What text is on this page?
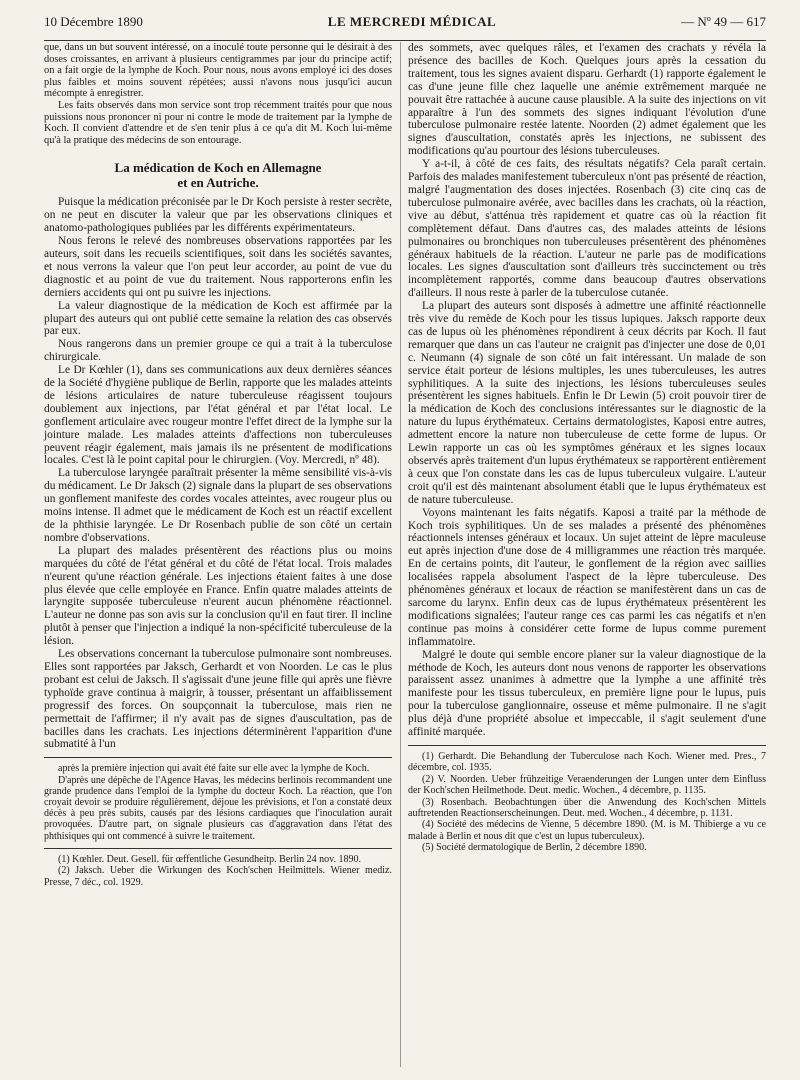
10 Décembre 1890	LE MERCREDI MÉDICAL	— Nº 49 — 617

que, dans un but souvent intéressé, on a inoculé toute personne qui le désirait à des doses croissantes, en arrivant à plusieurs centigrammes par jour du principe actif; on a fait orgie de la lymphe de Koch. Pour nous, nous avons employé ici des doses plus faibles et moins souvent répétées; aussi n'avons nous jusqu'ici aucun mécompte à enregistrer.

Les faits observés dans mon service sont trop récemment traités pour que nous puissions nous prononcer ni pour ni contre le mode de traitement par la lymphe de Koch. Il convient d'attendre et de s'en tenir plus à ce qu'a dit M. Koch lui-même qu'à la pratique des médecins de son entourage.

La médication de Koch en Allemagne
et en Autriche.

Puisque la médication préconisée par le Dr Koch persiste à rester secrète, on ne peut en discuter la valeur que par les observations cliniques et anatomo-pathologiques publiées par les différents expérimentateurs.

Nous ferons le relevé des nombreuses observations rapportées par les auteurs, soit dans les recueils scientifiques, soit dans les sociétés savantes, et nous verrons la valeur que l'on peut leur accorder, au point de vue du diagnostic et au point de vue du traitement. Nous rapporterons enfin les derniers accidents qui ont pu suivre les injections.

La valeur diagnostique de la médication de Koch est affirmée par la plupart des auteurs qui ont publié cette semaine la relation des cas observés par eux.

Nous rangerons dans un premier groupe ce qui a trait à la tuberculose chirurgicale.

Le Dr Kœhler (1), dans ses communications aux deux dernières séances de la Société d'hygiène publique de Berlin, rapporte que les malades atteints de lésions articulaires de nature tuberculeuse réagissent toujours doublement aux injections, par l'état général et par l'état local. Le gonflement articulaire avec rougeur montre l'effet direct de la lymphe sur la jointure malade. Les malades atteints d'affections non tuberculeuses peuvent réagir également, mais jamais ils ne présentent de modifications locales. C'est là le point capital pour le chirurgien. (Voy. Mercredi, nº 48).

La tuberculose laryngée paraîtrait présenter la même sensibilité vis-à-vis du médicament. Le Dr Jaksch (2) signale dans la plupart de ses observations un gonflement manifeste des cordes vocales atteintes, avec rougeur plus ou moins intense. Il admet que le médicament de Koch est un réactif excellent de la phthisie laryngée. Le Dr Rosenbach publie de son côté un certain nombre d'observations.

La plupart des malades présentèrent des réactions plus ou moins marquées du côté de l'état général et du côté de l'état local. Trois malades n'eurent qu'une réaction générale. Les injections étaient faites à une dose plus élevée que celle employée en France. Enfin quatre malades atteints de laryngite supposée tuberculeuse n'eurent aucun phénomène réactionnel. L'auteur ne donne pas son avis sur la conclusion qu'il en faut tirer. Il incline plutôt à penser que l'injection a indiqué la non-spécificité tuberculeuse de la lésion.

Les observations concernant la tuberculose pulmonaire sont nombreuses. Elles sont rapportées par Jaksch, Gerhardt et von Noorden. Le cas le plus probant est celui de Jaksch. Il s'agissait d'une jeune fille qui après une fièvre typhoïde grave continua à maigrir, à tousser, présentant un affaiblissement progressif des forces. On soupçonnait la tuberculose, mais rien ne permettait de l'affirmer; il n'y avait pas de signes d'auscultation, pas de bacilles dans les crachats. Les injections déterminèrent l'apparition d'une submatité à l'un

après la première injection qui avait été faite sur elle avec la lymphe de Koch.

D'après une dépêche de l'Agence Havas, les médecins berlinois recommandent une grande prudence dans l'emploi de la lymphe du docteur Koch. La réaction, que l'on croyait devoir se produire régulièrement, déjoue les prévisions, et l'on a constaté deux décès à peu près subits, causés par des lésions cardiaques que l'inoculation aurait provoquées. D'autre part, on signale plusieurs cas d'aggravation dans l'état des phthisiques qui ont commencé à suivre le traitement.

(1) Kœhler. Deut. Gesell. für œffentliche Gesundheitp. Berlin 24 nov. 1890.

(2) Jaksch. Ueber die Wirkungen des Koch'schen Heilmittels. Wiener mediz. Presse, 7 déc., col. 1929.

des sommets, avec quelques râles, et l'examen des crachats y révéla la présence des bacilles de Koch. Quelques jours après la cessation du traitement, tous les signes avaient disparu. Gerhardt (1) rapporte également le cas d'une jeune fille chez laquelle une anémie extrêmement marquée ne pouvait être rattachée à aucune cause plausible. A la suite des injections on vit apparaître à l'un des sommets des signes indiquant l'évolution d'une tuberculose pulmonaire restée latente. Noorden (2) admet également que les signes d'auscultation, constatés après les injections, ne subissent des modifications qu'au pourtour des lésions tuberculeuses.

Y a-t-il, à côté de ces faits, des résultats négatifs? Cela paraît certain. Parfois des malades manifestement tuberculeux n'ont pas présenté de réaction, malgré l'augmentation des doses injectées. Rosenbach (3) cite cinq cas de tuberculose pulmonaire avérée, avec bacilles dans les crachats, où la réaction, vive au début, s'atténua très rapidement et quatre cas où la réaction fit complètement défaut. Dans d'autres cas, des malades atteints de lésions pulmonaires ou bronchiques non tuberculeuses présentèrent des phénomènes généraux habituels de la réaction. L'auteur ne parle pas de modifications locales. Les signes d'auscultation sont d'ailleurs très succinctement ou très incomplètement rapportés, comme dans beaucoup d'autres observations d'ailleurs. Il nous reste à parler de la tuberculose cutanée.

La plupart des auteurs sont disposés à admettre une affinité réactionnelle très vive du remède de Koch pour les tissus lupiques. Jaksch rapporte deux cas de lupus où les phénomènes répondirent à ceux décrits par Koch. Il faut remarquer que dans un cas l'auteur ne craignit pas d'injecter une dose de 0,01 c. Neumann (4) signale de son côté un fait intéressant. Un malade de son service était porteur de lésions multiples, les unes tuberculeuses, les autres syphilitiques. A la suite des injections, les lésions tuberculeuses seules présentèrent les signes habituels. Enfin le Dr Lewin (5) croit pouvoir tirer de la médication de Koch des conclusions intéressantes sur le diagnostic de la nature du lupus érythémateux. Certains dermatologistes, Kaposi entre autres, admettent encore la nature non tuberculeuse de cette forme de lupus. Or Lewin rapporte un cas où les symptômes généraux et les signes locaux observés après traitement d'un lupus érythémateux se rapportèrent entièrement à ceux que l'on constate dans les cas de lupus tuberculeux vulgaire. L'auteur croit qu'il est dès maintenant absolument établi que le lupus érythémateux est de nature tuberculeuse.

Voyons maintenant les faits négatifs. Kaposi a traité par la méthode de Koch trois syphilitiques. Un de ses malades a présenté des phénomènes réactionnels intenses généraux et locaux. Un sujet atteint de lèpre maculeuse eut après injection d'une dose de 4 milligrammes une réaction très marquée. En de certains points, dit l'auteur, le gonflement de la région avec saillies localisées rappela absolument l'aspect de la lèpre tuberculeuse. Des phénomènes généraux et locaux de réaction se manifestèrent dans un cas de sarcome du larynx. Enfin deux cas de lupus érythémateux présentèrent les modifications signalées; l'auteur range ces cas parmi les cas négatifs et n'en continue pas moins à considérer cette forme de lupus comme purement inflammatoire.

Malgré le doute qui semble encore planer sur la valeur diagnostique de la méthode de Koch, les auteurs dont nous venons de rapporter les observations paraissent assez unanimes à admettre que la lymphe a une affinité très manifeste pour les tissus tuberculeux, en première ligne pour le lupus, puis pour la tuberculose ganglionnaire, osseuse et même pulmonaire. Il ne s'agit plus déjà d'une propriété absolue et impeccable, il s'agit seulement d'une affinité marquée.

(1) Gerhardt. Die Behandlung der Tuberculose nach Koch. Wiener med. Pres., 7 décembre, col. 1935.

(2) V. Noorden. Ueber frühzeitige Veraenderungen der Lungen unter dem Einfluss der Koch'schen Heilmethode. Deut. medic. Wochen., 4 décembre, p. 1135.

(3) Rosenbach. Beobachtungen über die Anwendung des Koch'schen Mittels auftretenden Reactionserscheinungen. Deut. med. Wochen., 4 décembre, p. 1131.

(4) Société des médecins de Vienne, 5 décembre 1890. (M. is M. Thibierge a vu ce malade à Berlin et nous dit que c'est un lupus tuberculeux).

(5) Société dermatologique de Berlin, 2 décembre 1890.
